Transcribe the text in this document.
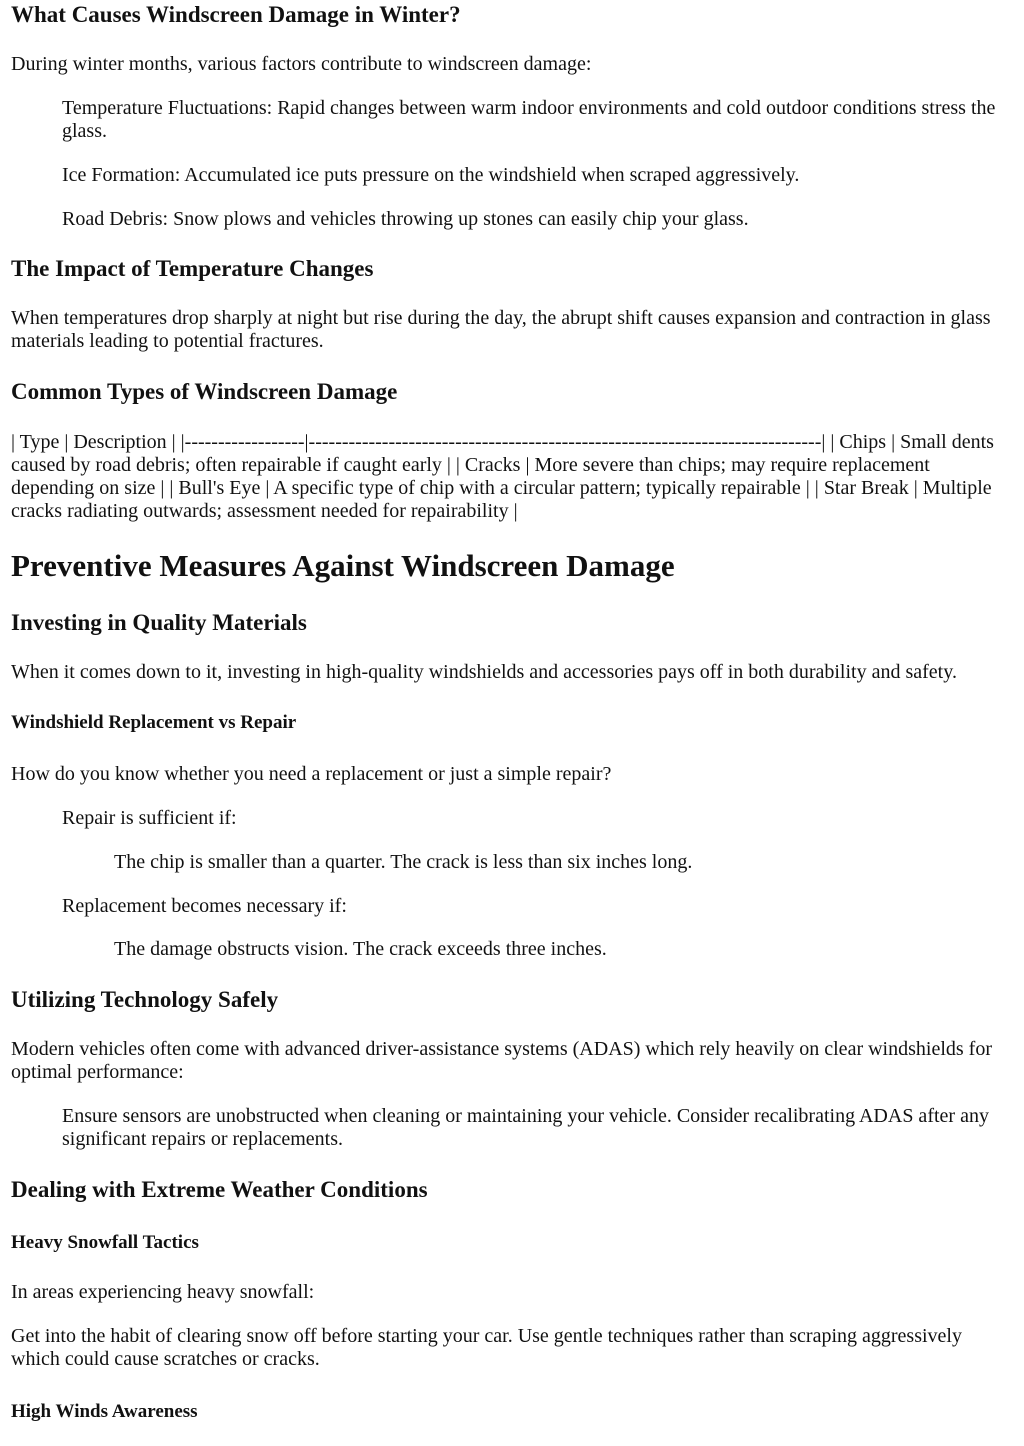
What Causes Windscreen Damage in Winter?

During winter months, various factors contribute to windscreen damage:

Temperature Fluctuations: Rapid changes between warm indoor environments and cold outdoor conditions stress the glass.

Ice Formation: Accumulated ice puts pressure on the windshield when scraped aggressively.

Road Debris: Snow plows and vehicles throwing up stones can easily chip your glass.

The Impact of Temperature Changes

When temperatures drop sharply at night but rise during the day, the abrupt shift causes expansion and contraction in glass materials leading to potential fractures.

Common Types of Windscreen Damage

| Type | Description | |------------------|-----------------------------------------------------------------------------| | Chips | Small dents caused by road debris; often repairable if caught early | | Cracks | More severe than chips; may require replacement depending on size | | Bull's Eye | A specific type of chip with a circular pattern; typically repairable | | Star Break | Multiple cracks radiating outwards; assessment needed for repairability |

Preventive Measures Against Windscreen Damage
Investing in Quality Materials

When it comes down to it, investing in high-quality windshields and accessories pays off in both durability and safety.

Windshield Replacement vs Repair

How do you know whether you need a replacement or just a simple repair?

Repair is sufficient if:

The chip is smaller than a quarter. The crack is less than six inches long.

Replacement becomes necessary if:

The damage obstructs vision. The crack exceeds three inches.

Utilizing Technology Safely

Modern vehicles often come with advanced driver-assistance systems (ADAS) which rely heavily on clear windshields for optimal performance:

Ensure sensors are unobstructed when cleaning or maintaining your vehicle. Consider recalibrating ADAS after any significant repairs or replacements.

Dealing with Extreme Weather Conditions
Heavy Snowfall Tactics

In areas experiencing heavy snowfall:

Get into the habit of clearing snow off before starting your car. Use gentle techniques rather than scraping aggressively which could cause scratches or cracks.

High Winds Awareness
